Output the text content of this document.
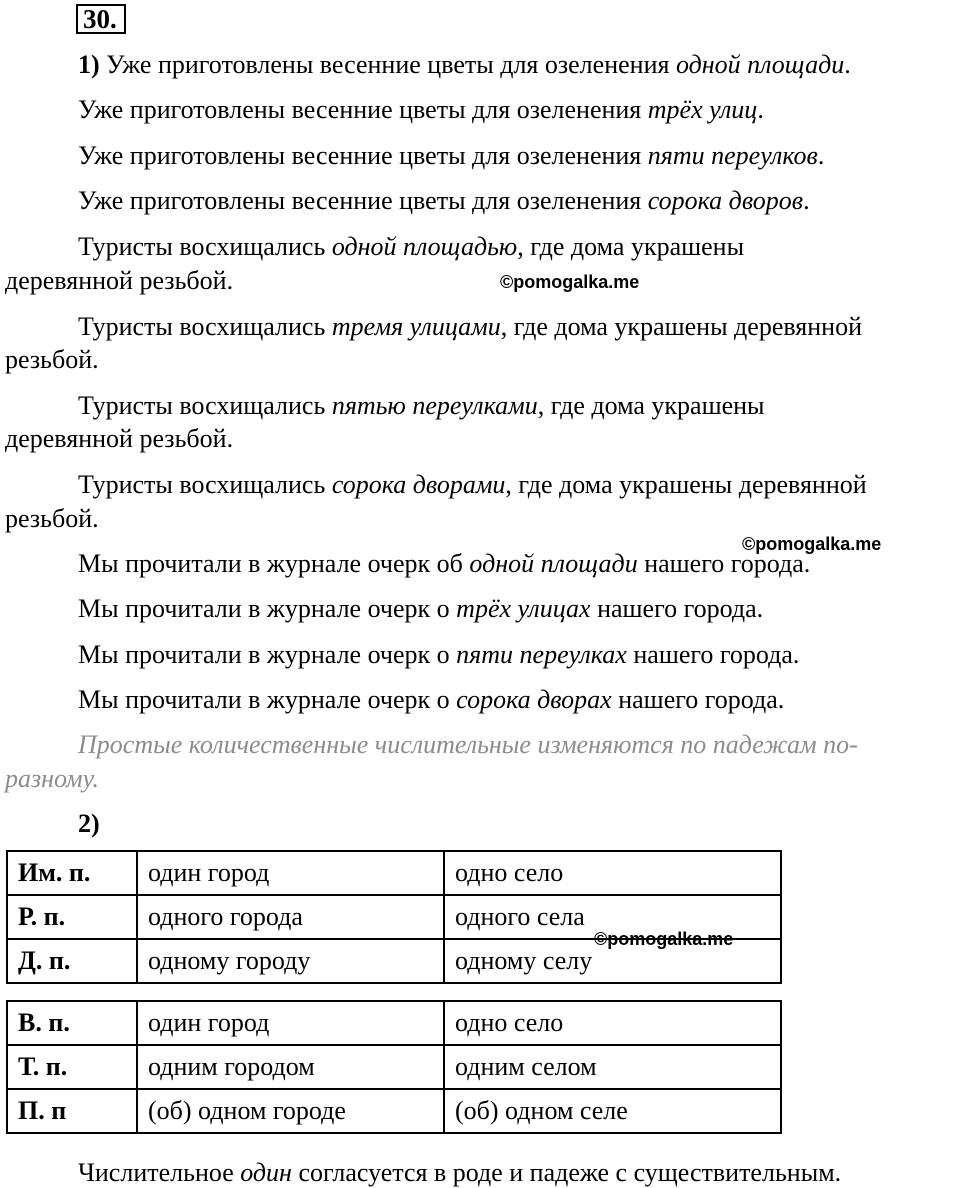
30.
1) Уже приготовлены весенние цветы для озеленения одной площади.
Уже приготовлены весенние цветы для озеленения трёх улиц.
Уже приготовлены весенние цветы для озеленения пяти переулков.
Уже приготовлены весенние цветы для озеленения сорока дворов.
Туристы восхищались одной площадью, где дома украшены
деревянной резьбой.	©pomogalka.me
Туристы восхищались тремя улицами, где дома украшены деревянной
резьбой.
Туристы восхищались пятью переулками, где дома украшены
деревянной резьбой.
Туристы восхищались сорока дворами, где дома украшены деревянной
резьбой.
©pomogalka.me
Мы прочитали в журнале очерк об одной площади нашего города.
Мы прочитали в журнале очерк о трёх улицах нашего города.
Мы прочитали в журнале очерк о пяти переулках нашего города.
Мы прочитали в журнале очерк о сорока дворах нашего города.
Простые количественные числительные изменяются по падежам по-
разному.
2)
Им. п.	один город	одно село
Р. п.	одного города	одного села
Д. п.	одному городу	одному селу
©pomogalka.me
В. п.	один город	одно село
Т. п.	одним городом	одним селом
П. п	(об) одном городе	(об) одном селе
Числительное один согласуется в роде и падеже с существительным.
